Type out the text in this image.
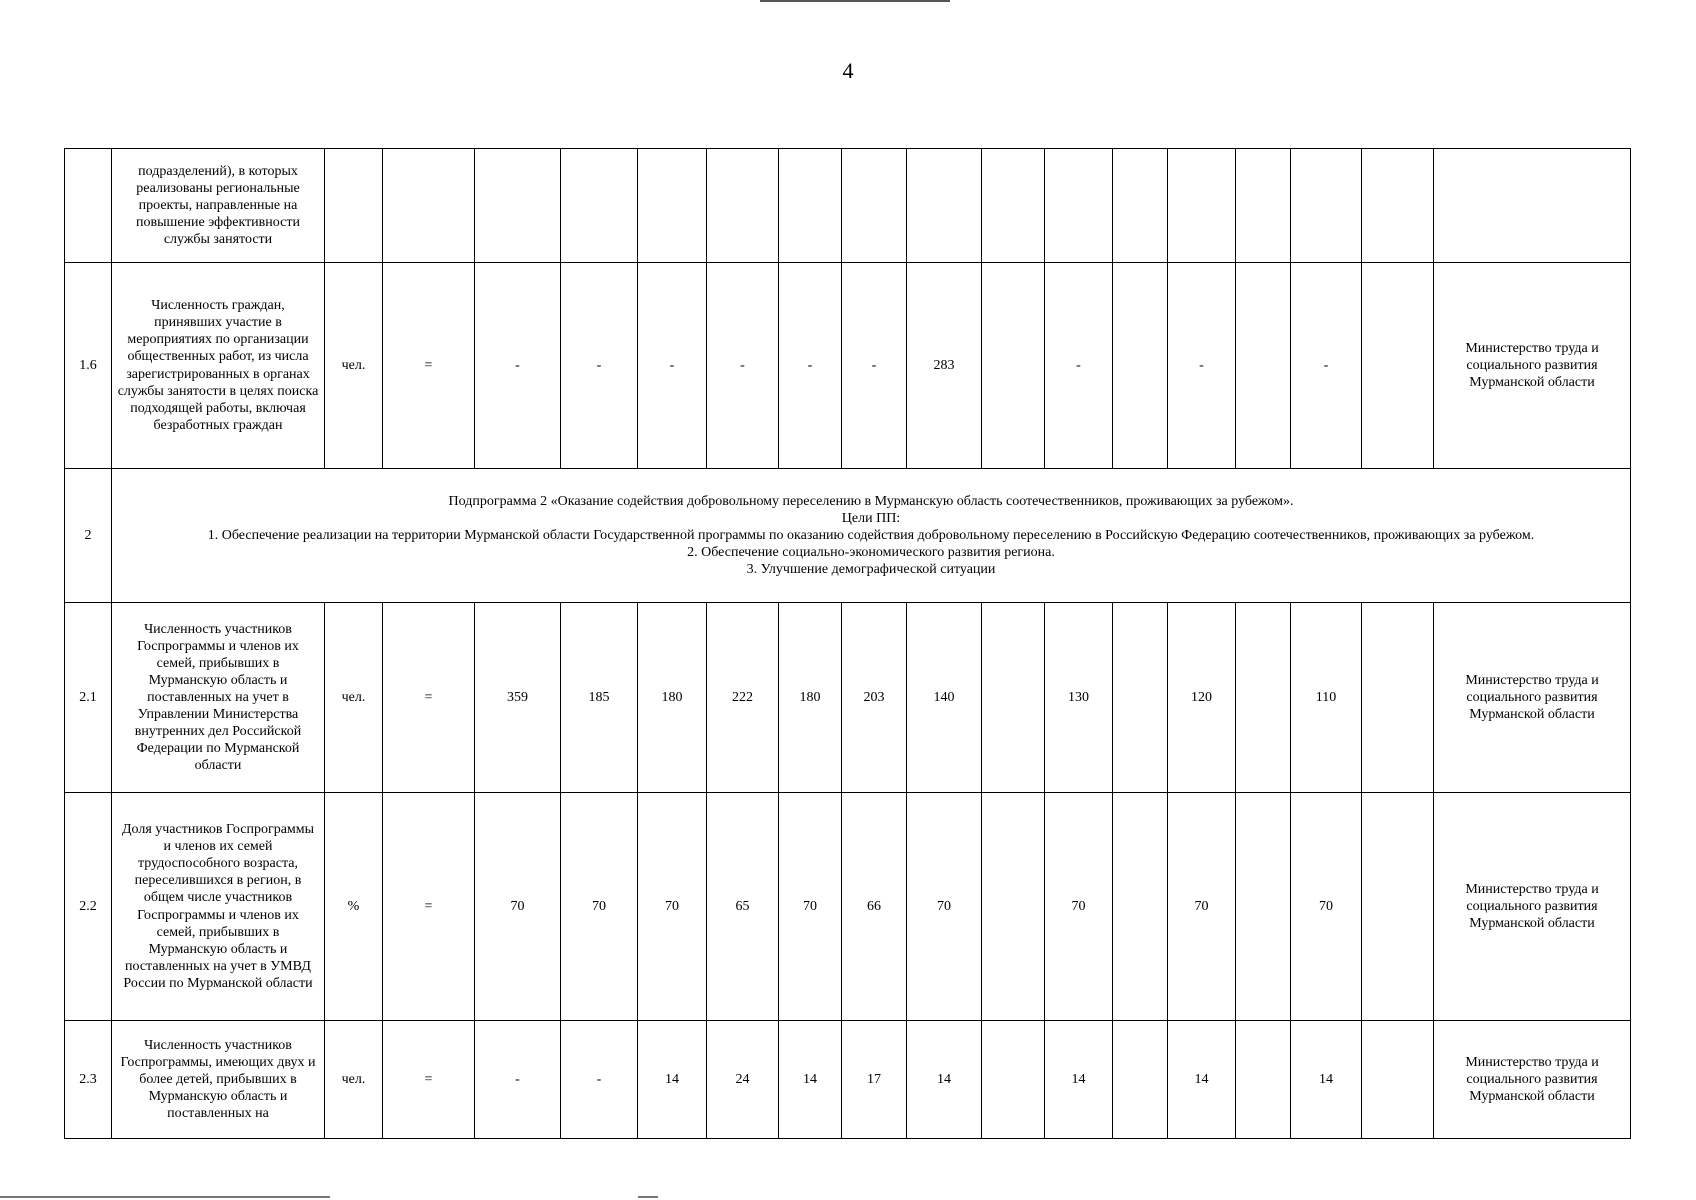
4
	подразделений), в которых реализованы региональные проекты, направленные на повышение эффективности службы занятости																	
1.6	Численность граждан, принявших участие в мероприятиях по организации общественных работ, из числа зарегистрированных в органах службы занятости в целях поиска подходящей работы, включая безработных граждан	чел.	=	-	-	-	-	-	-	283		-		-		-		Министерство труда и социального развития Мурманской области
2	Подпрограмма 2 «Оказание содействия добровольному переселению в Мурманскую область соотечественников, проживающих за рубежом».
Цели ПП:
1. Обеспечение реализации на территории Мурманской области Государственной программы по оказанию содействия добровольному переселению в Российскую Федерацию соотечественников, проживающих за рубежом.
2. Обеспечение социально-экономического развития региона.
3. Улучшение демографической ситуации																	

2.1	Численность участников Госпрограммы и членов их семей, прибывших в Мурманскую область и поставленных на учет в Управлении Министерства внутренних дел Российской Федерации по Мурманской области	чел.	=	359	185	180	222	180	203	140		130		120		110		Министерство труда и социального развития Мурманской области
2.2	Доля участников Госпрограммы и членов их семей трудоспособного возраста, переселившихся в регион, в общем числе участников Госпрограммы и членов их семей, прибывших в Мурманскую область и поставленных на учет в УМВД России по Мурманской области	%	=	70	70	70	65	70	66	70		70		70		70		Министерство труда и социального развития Мурманской области
2.3	Численность участников Госпрограммы, имеющих двух и более детей, прибывших в Мурманскую область и поставленных на	чел.	=	-	-	14	24	14	17	14		14		14		14		Министерство труда и социального развития Мурманской области
